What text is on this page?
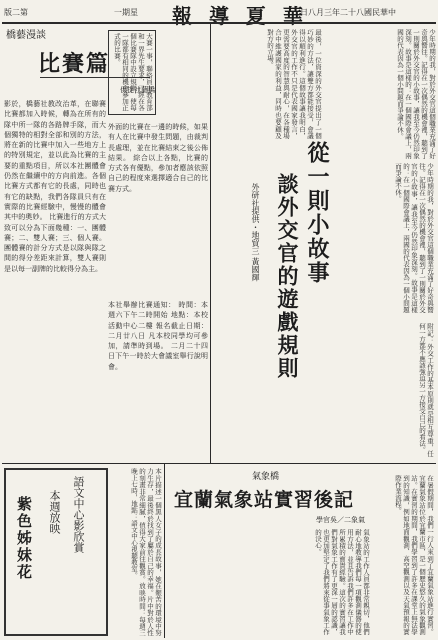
版二第	一期星 報 導 夏 華
日八月三年二十八國民華中
橋藝漫談
比賽篇
供提社藝橋
影於，橋藝社教改治革，在聯賽比賽都加入時候，轉為在所有的隊中所一隊的各路牌手隊，而大個獨特的相對全部和別的方法，將在新的比賽中加入一些地方上的特別規定，並以此為比賽的主要的重點項目，所以本社團體會仍然在繼續中的方向前進。各個比賽方式都有它的長處，同時也有它的缺點，我們各隊員只有在實際的比賽經驗中，慢慢的體會其中的奧妙。 比賽進行的方式大致可以分為下面幾種：一、團體賽；二、雙人賽；三、個人賽。團體賽的計分方式是以隊與隊之間的得分差距來計算，雙人賽則是以每一副牌的比較得分為主。
大賽一事，聯絡員由教育部和一界先生要求，已經在各個比賽隊中設立規則，使每一隊都有相同的機會參加正式的比賽。
外面的比賽在一邊的時候，如果有人在比賽中發生問題，由裁判長處理，並在比賽結束之後公佈結果。 綜合以上各點，比賽的方式各有優點，參加者應該依照自己的程度來選擇適合自己的比賽方式。
本社舉辦比賽通知： 時間：本週六下午二時開始 地點：本校活動中心二樓 報名截止日期：二月廿八日 凡本校同學均可參加，請準時到場。 二月二十四日下午一時於大會議室舉行說明會。
少年時期的我，對於外交官這個職業充滿了好奇與嚮往。記得在一次偶然的機會裡，聽到了一則關於外交官的小故事，讓我至今仍然印象深刻。故事是這樣的：在一個國際會議上，兩國的代表因為一個小問題而爭論不休。
最後，一位資深的外交官提出了一個巧妙的方法，讓雙方都能接受，會議得以順利進行。這個故事讓我明白，外交官的工作不只是代表國家發言，更需要高度的智慧與耐心，在各種場合中維護國家的利益，同時也要顧及對方的立場。
從一則小故事
談外交官的遊戲規則
外研社提供・地貿三 黃國輝	少年時期的我，對於外交官這個職業充滿了好奇與嚮往。記得在一次偶然的機會裡，聽到了一則關於外交官的小故事，讓我至今仍然印象深刻。故事是這樣的：在一個國際會議上，兩國的代表因為一個小問題而爭論不休。
附記：外交工作的基本原則就是相互尊重，任何一方都不應該強迫另一方接受自己的看法。
氣象橋
宜蘭氣象站實習後記
學官吳／二象氣	在暑假期間，我們一行人來到了宜蘭氣象站進行實習。宜蘭氣象站位於宜蘭市區，是一個歷史悠久的氣象觀測站。在實習的期間，我們學習到了許多在課堂上無法學到的知識，例如地面觀測、高空觀測以及天氣預報的實際作業流程。
氣象站的工作人員都非常親切，他們耐心地教導我們每一項觀測儀器的使用方法，並且告訴我們許多在工作中所累積的寶貴經驗。這次的實習讓我們對氣象工作有了更深一層的認識，也更加堅定了我們將來從事氣象工作的決心。
語文中心影欣賞
本週放映
紫色姊妹花	本片描述一個黑人女子的成長故事，她在艱苦的環境中努力生存，最後終於找到了屬於自己的幸福。片中對於人性的刻畫非常細膩，值得大家前往觀賞。放映時間：每週三晚上七時，地點：語文中心視聽教室。
